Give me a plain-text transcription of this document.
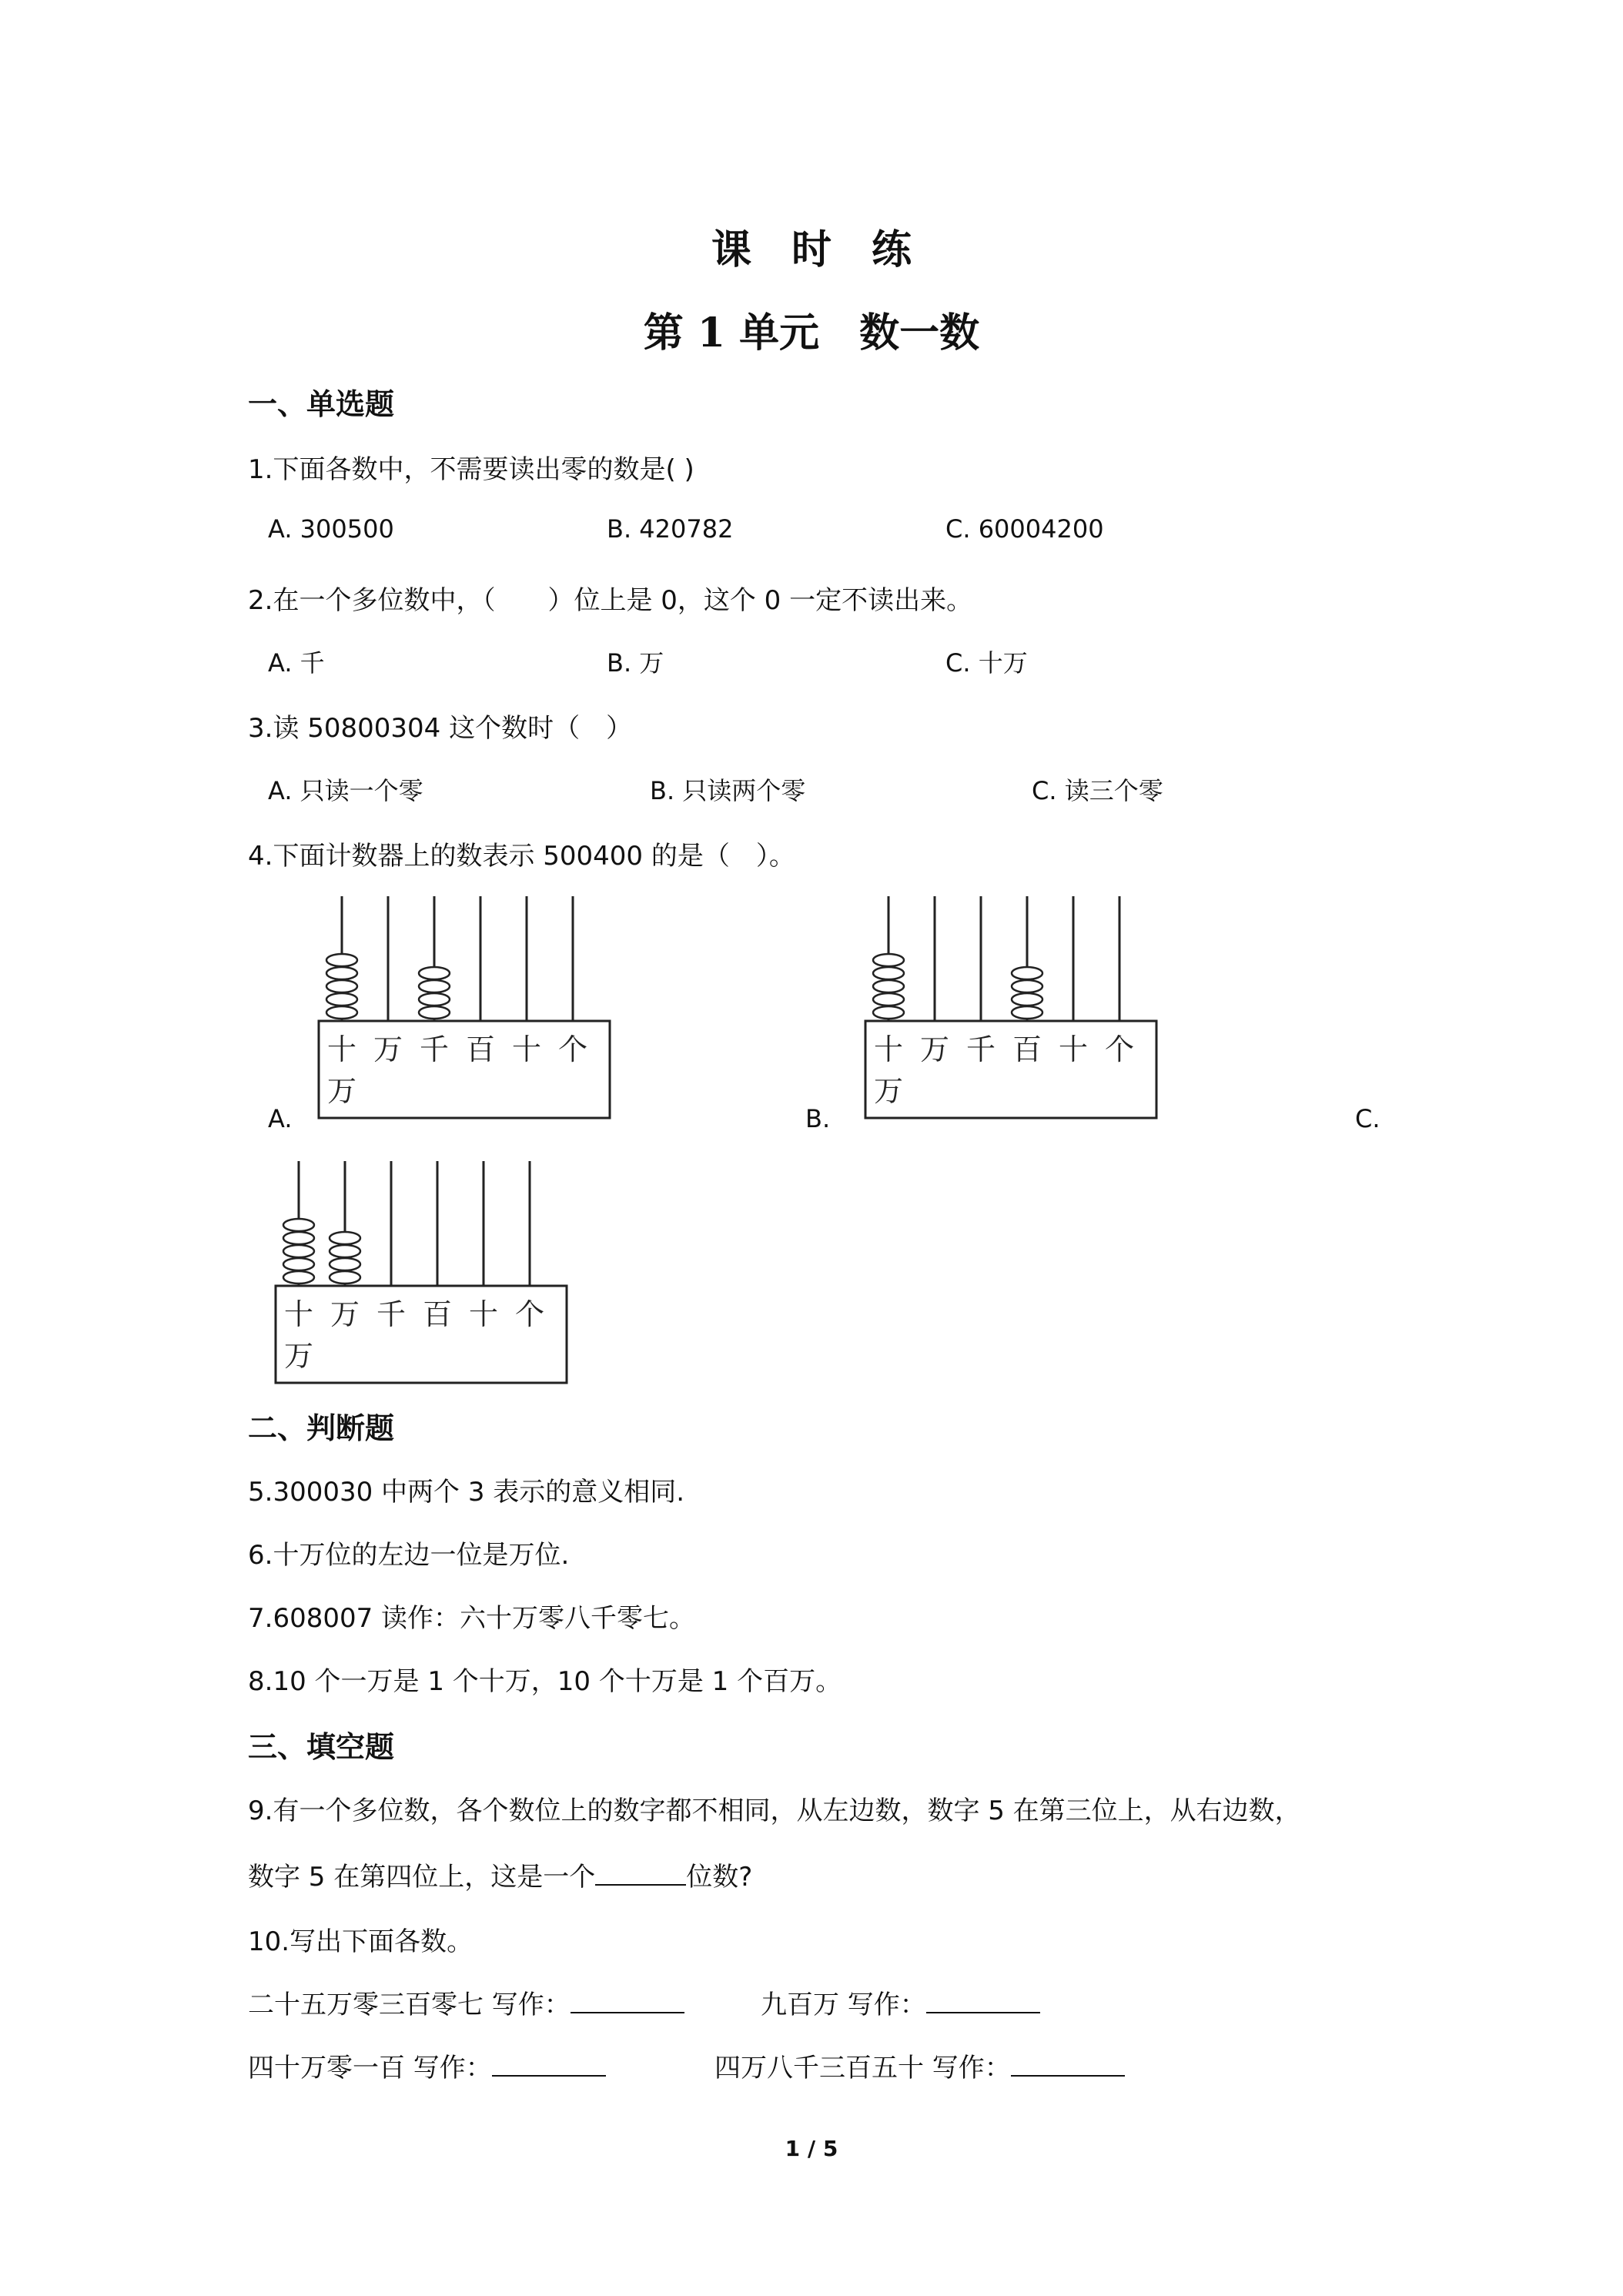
课　时　练
第 1 单元　数一数
一、单选题
1.下面各数中，不需要读出零的数是( )
A. 300500	B. 420782	C. 60004200
2.在一个多位数中，（　　）位上是 0，这个 0 一定不读出来。
A. 千	B. 万	C. 十万
3.读 50800304 这个数时（　）
A. 只读一个零	B. 只读两个零	C. 读三个零
4.下面计数器上的数表示 500400 的是（　）。
十 万 千 百 十 个
万
A.
十 万 千 百 十 个
万
B.	C.
十 万 千 百 十 个
万
二、判断题
5.300030 中两个 3 表示的意义相同.
6.十万位的左边一位是万位.
7.608007 读作：六十万零八千零七。
8.10 个一万是 1 个十万，10 个十万是 1 个百万。
三、填空题
9.有一个多位数，各个数位上的数字都不相同，从左边数，数字 5 在第三位上，从右边数，
数字 5 在第四位上，这是一个	位数?
10.写出下面各数。
二十五万零三百零七 写作：	九百万 写作：
四十万零一百 写作：	四万八千三百五十 写作：
1 / 5
